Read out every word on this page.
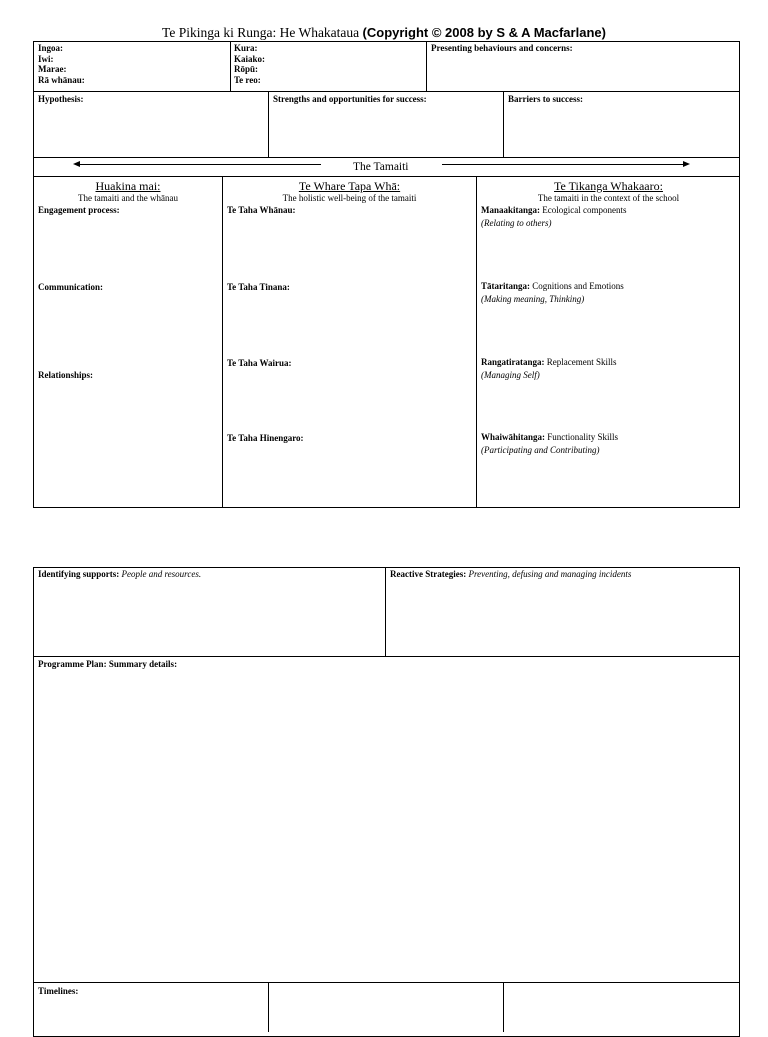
Te Pikinga ki Runga: He Whakataua (Copyright © 2008 by S & A Macfarlane)
Ingoa:
Iwi:
Marae:
Rā whānau:
Kura:
Kaiako:
Rōpū:
Te reo:
Presenting behaviours and concerns:
Hypothesis:	Strengths and opportunities for success:	Barriers to success:
The Tamaiti
Huakina mai:
The tamaiti and the whānau
Engagement process:
Communication:
Relationships:
Te Whare Tapa Whā:
The holistic well-being of the tamaiti
Te Taha Whānau:
Te Taha Tinana:
Te Taha Wairua:
Te Taha Hinengaro:
Te Tikanga Whakaaro:
The tamaiti in the context of the school
Manaakitanga: Ecological components
(Relating to others)
Tātaritanga: Cognitions and Emotions
(Making meaning, Thinking)
Rangatiratanga: Replacement Skills
(Managing Self)
Whaiwāhitanga: Functionality Skills
(Participating and Contributing)
Identifying supports: People and resources.	Reactive Strategies: Preventing, defusing and managing incidents
Programme Plan: Summary details:
Timelines:
